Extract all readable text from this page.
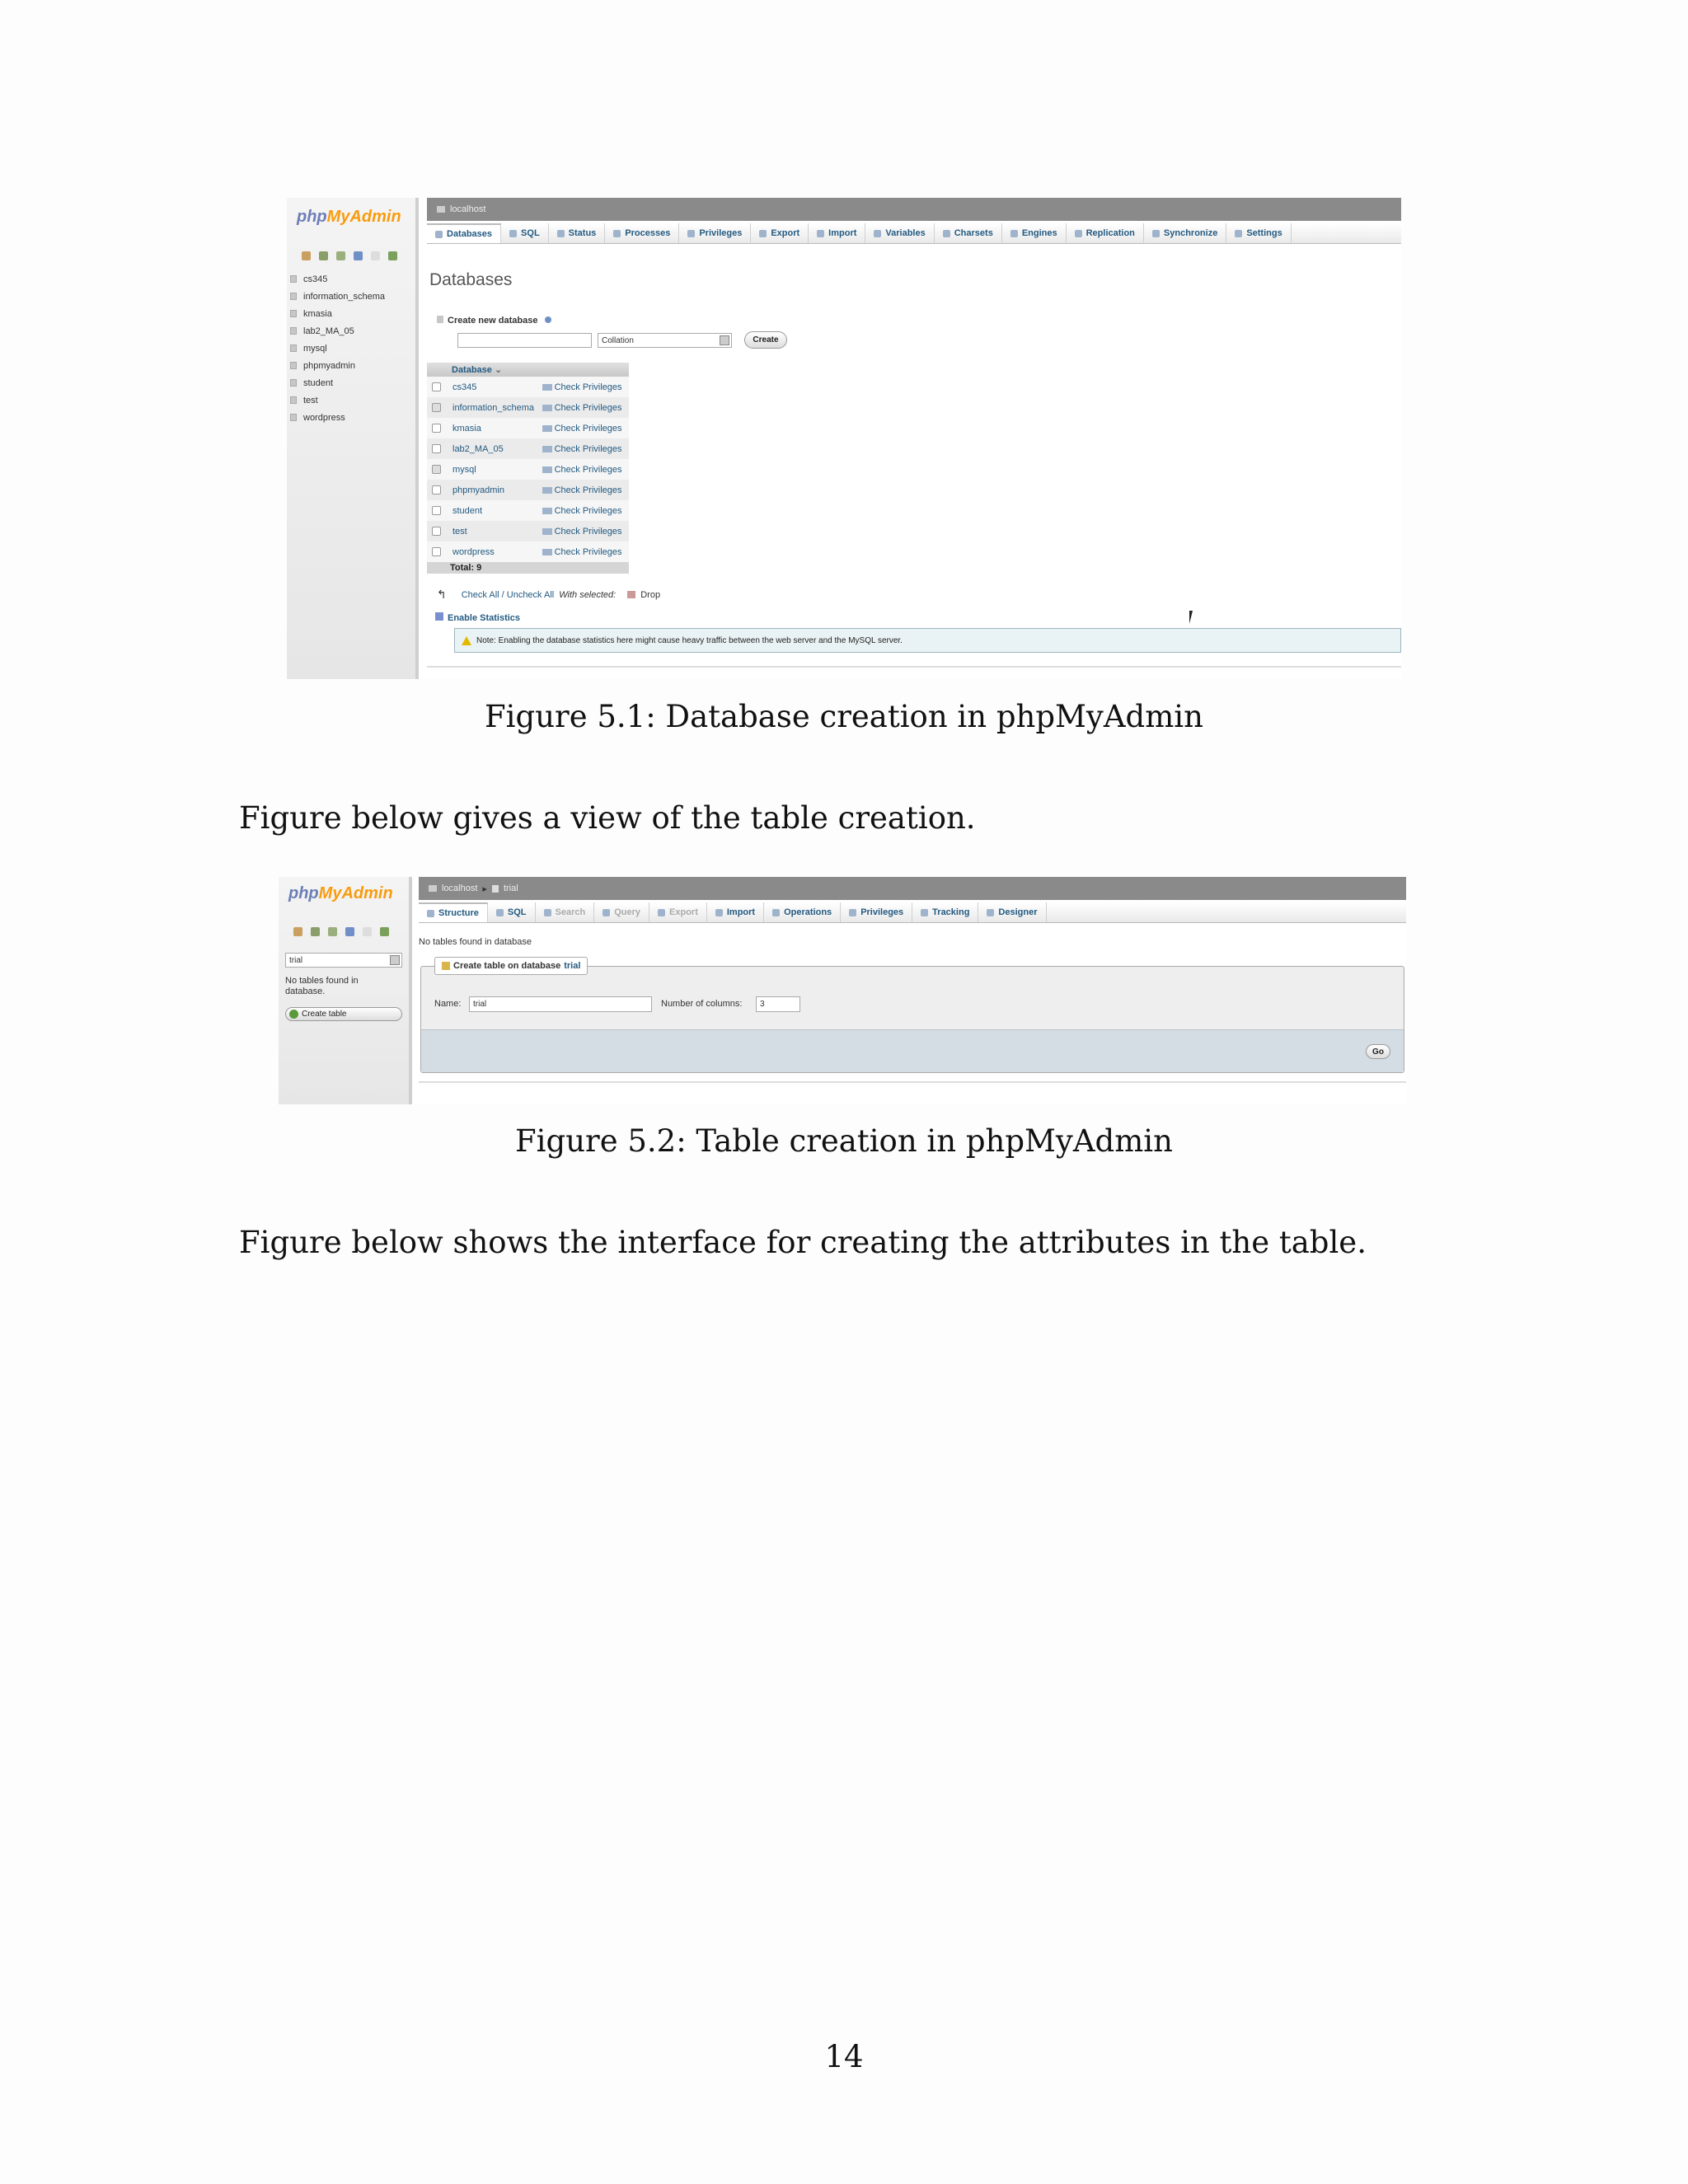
phpMyAdmin
cs345
information_schema
kmasia
lab2_MA_05
mysql
phpmyadmin
student
test
wordpress
localhost
Databases	SQL	Status	Processes	Privileges	Export	Import	Variables	Charsets	Engines	Replication	Synchronize	Settings
Databases
Create new database
Collation	Create
Database ⌄	
cs345	Check Privileges
information_schema	Check Privileges
kmasia	Check Privileges
lab2_MA_05	Check Privileges
mysql	Check Privileges
phpmyadmin	Check Privileges
student	Check Privileges
test	Check Privileges
wordpress	Check Privileges
Total: 9	
↰ Check All / Uncheck All With selected:	Drop
Enable Statistics
Note: Enabling the database statistics here might cause heavy traffic between the web server and the MySQL server.
Figure 5.1: Database creation in phpMyAdmin
Figure below gives a view of the table creation.
phpMyAdmin
trial
No tables found in database.
Create table
localhost ▸ trial
Structure	SQL	Search	Query	Export	Import	Operations	Privileges	Tracking	Designer
No tables found in database
Create table on database trial
Name: trial	Number of columns: 3
Go
Figure 5.2: Table creation in phpMyAdmin
Figure below shows the interface for creating the attributes in the table.
14
